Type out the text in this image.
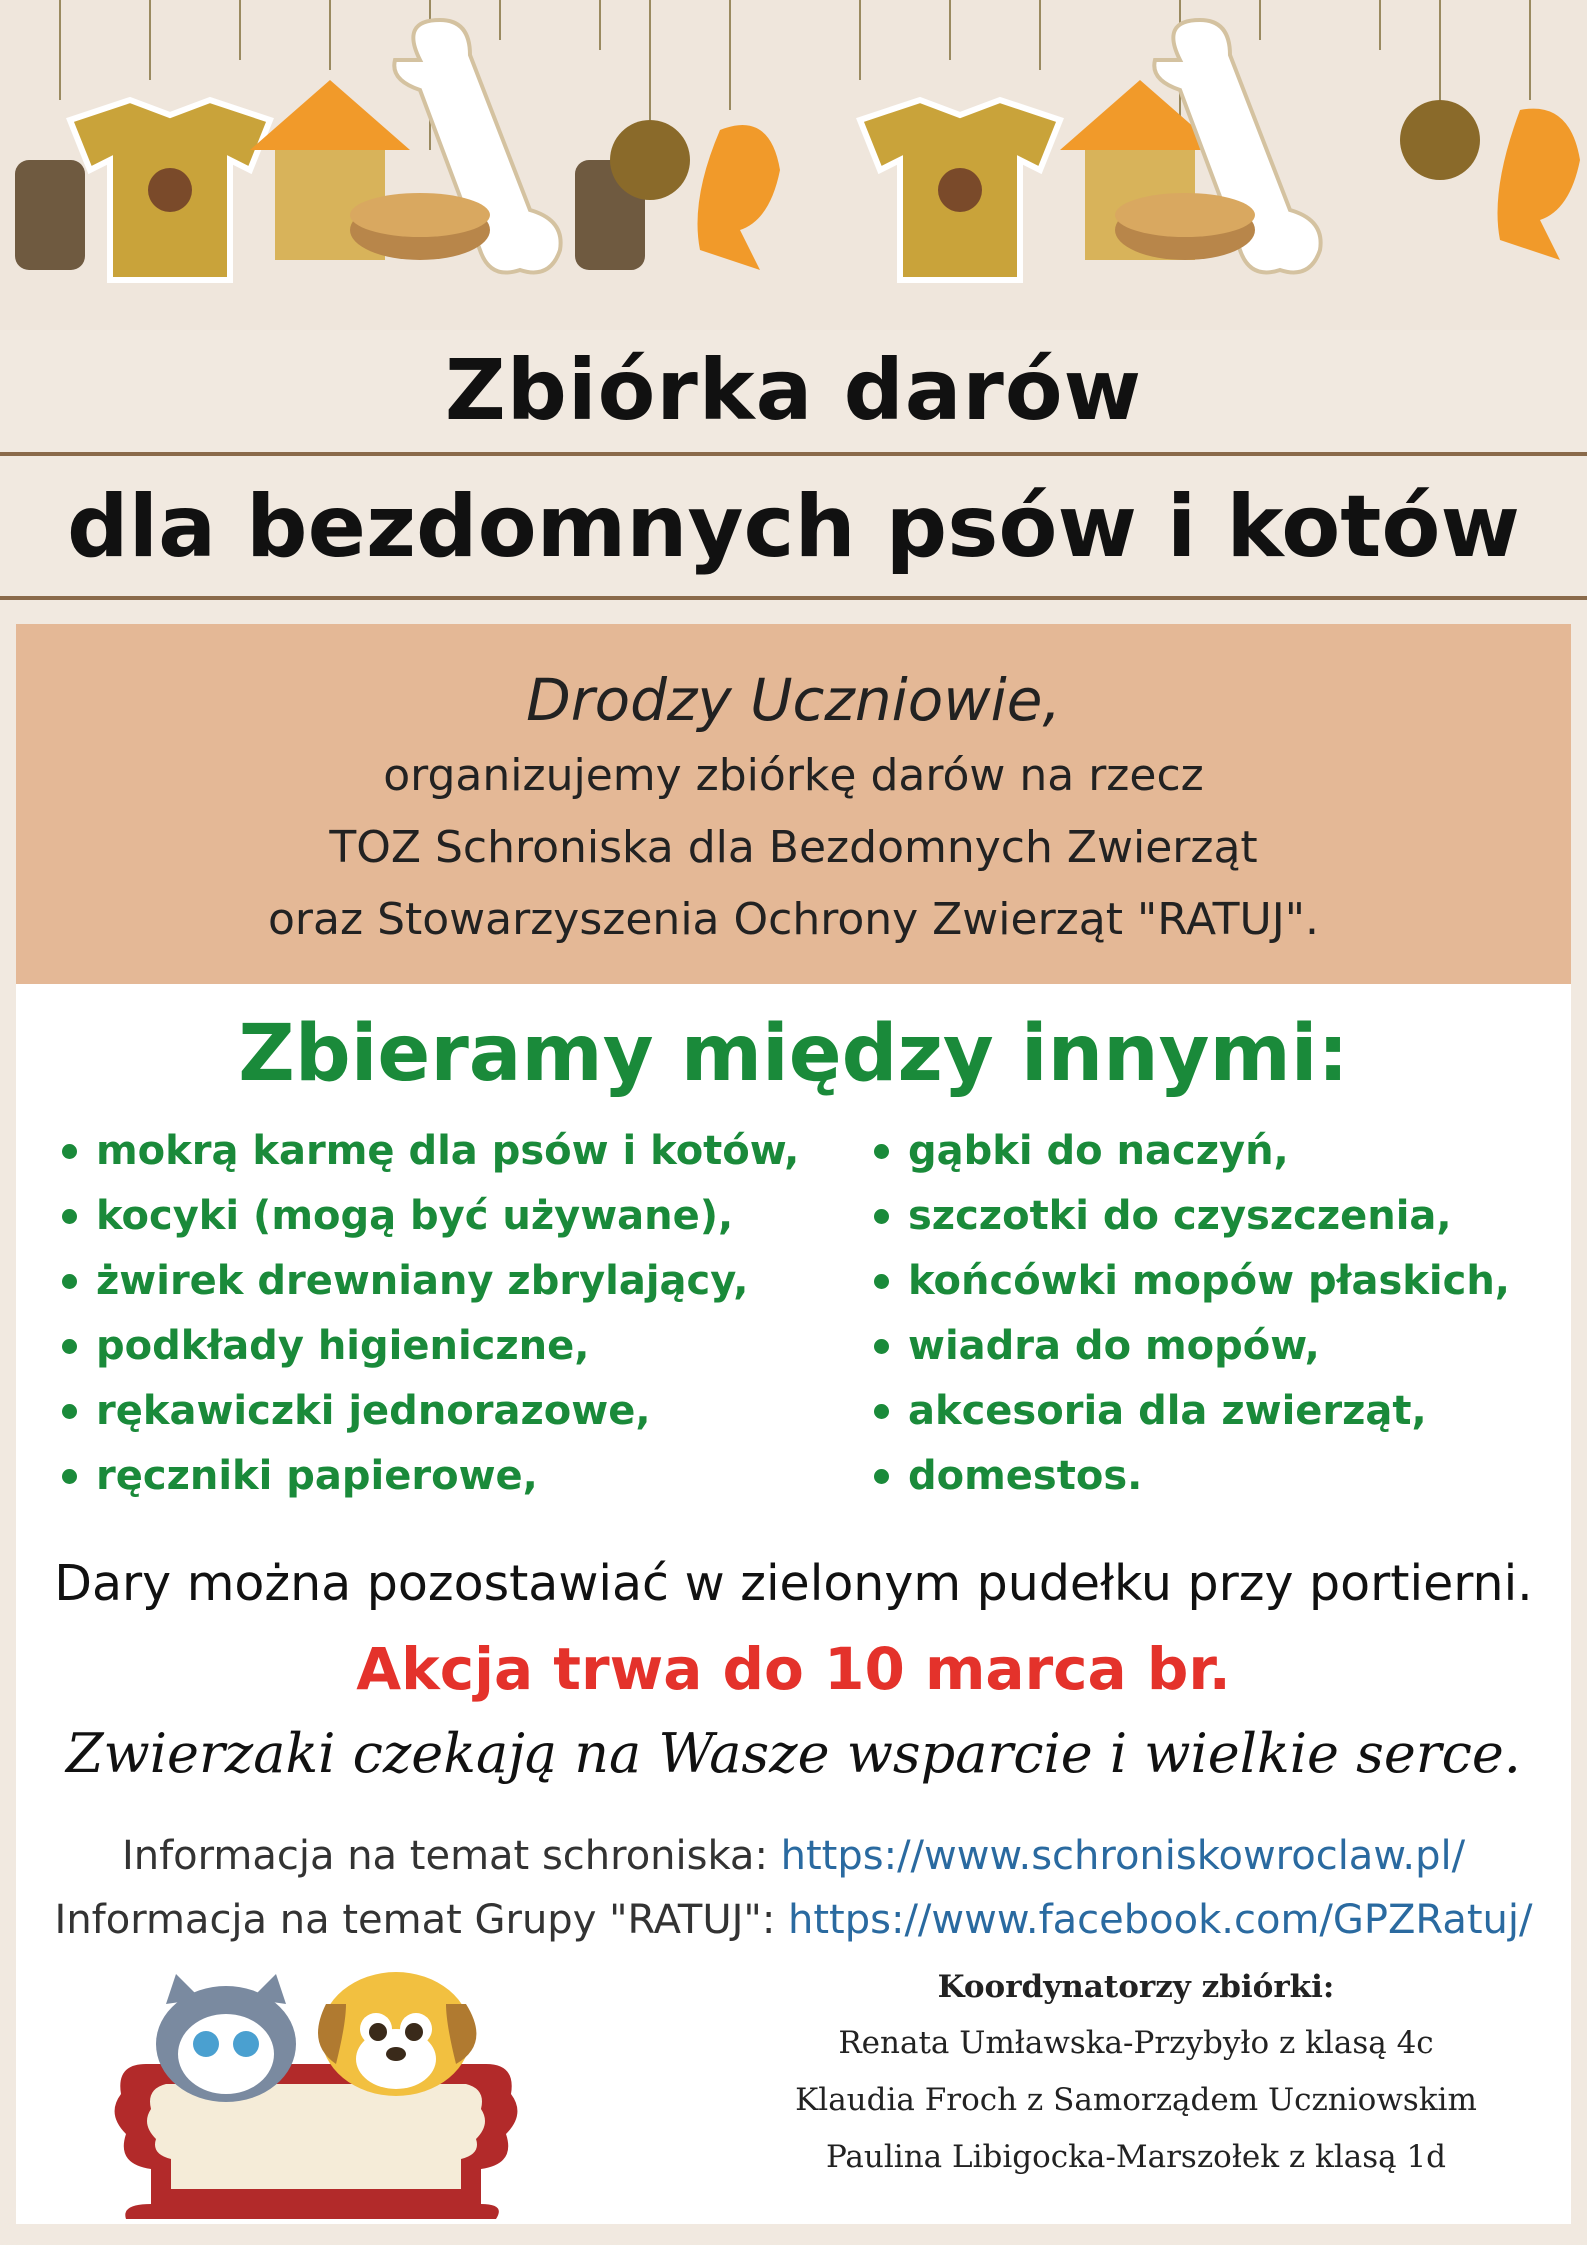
Zbiórka darów
dla bezdomnych psów i kotów
Drodzy Uczniowie,
organizujemy zbiórkę darów na rzecz
TOZ Schroniska dla Bezdomnych Zwierząt
oraz Stowarzyszenia Ochrony Zwierząt "RATUJ".
Zbieramy między innymi:
mokrą karmę dla psów i kotów,
kocyki (mogą być używane),
żwirek drewniany zbrylający,
podkłady higieniczne,
rękawiczki jednorazowe,
ręczniki papierowe,
gąbki do naczyń,
szczotki do czyszczenia,
końcówki mopów płaskich,
wiadra do mopów,
akcesoria dla zwierząt,
domestos.
Dary można pozostawiać w zielonym pudełku przy portierni.
Akcja trwa do 10 marca br.
Zwierzaki czekają na Wasze wsparcie i wielkie serce.
Informacja na temat schroniska: https://www.schroniskowroclaw.pl/
Informacja na temat Grupy "RATUJ": https://www.facebook.com/GPZRatuj/
Koordynatorzy zbiórki:
Renata Umławska-Przybyło z klasą 4c
Klaudia Froch z Samorządem Uczniowskim
Paulina Libigocka-Marszołek z klasą 1d
